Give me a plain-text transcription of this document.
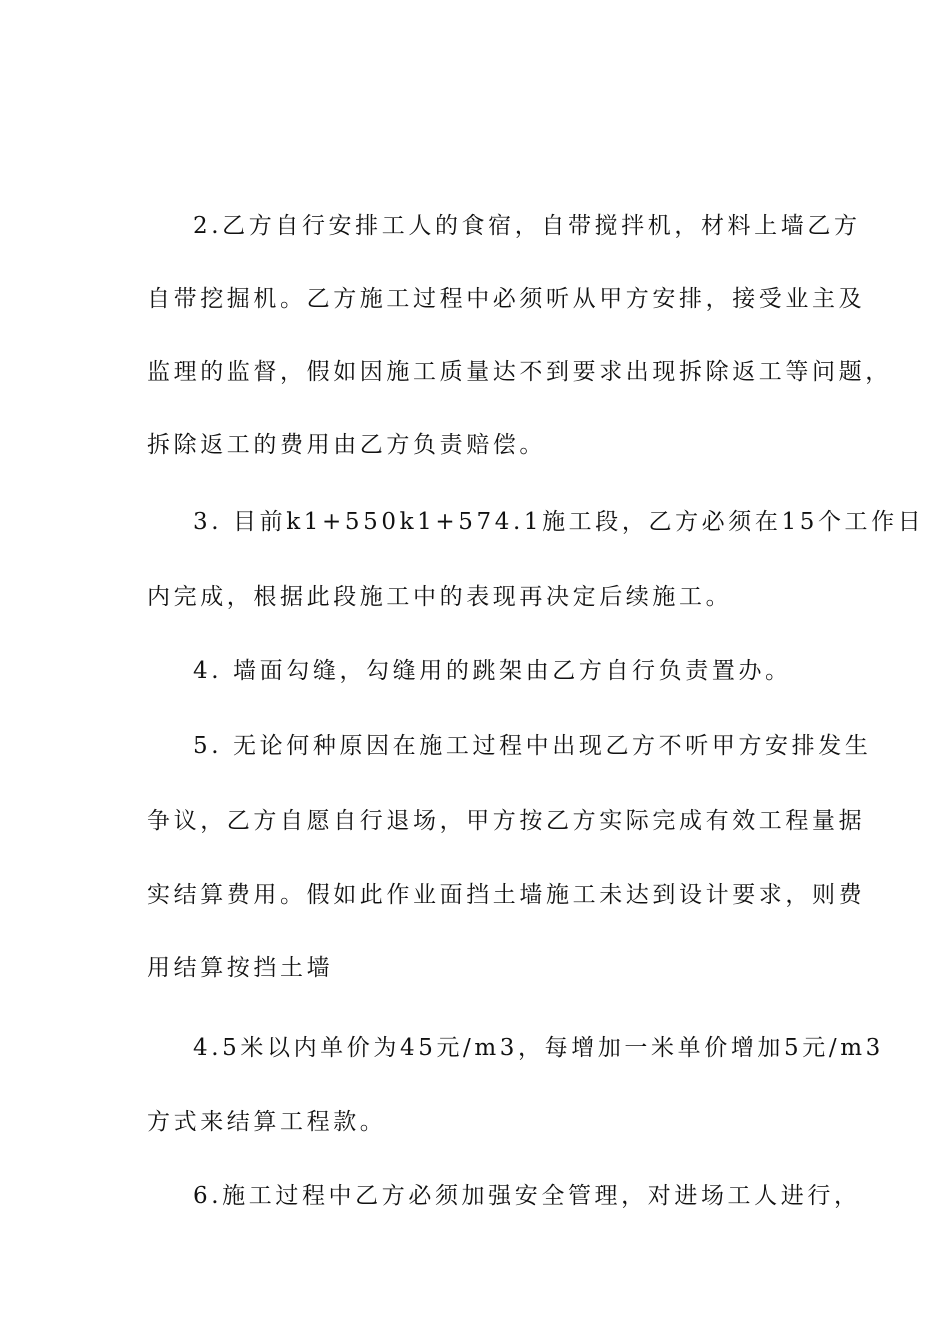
2.乙方自行安排工人的食宿，自带搅拌机，材料上墙乙方
自带挖掘机。乙方施工过程中必须听从甲方安排，接受业主及
监理的监督，假如因施工质量达不到要求出现拆除返工等问题，
拆除返工的费用由乙方负责赔偿。
3. 目前k1+550k1+574.1施工段，乙方必须在15个工作日
内完成，根据此段施工中的表现再决定后续施工。
4. 墙面勾缝，勾缝用的跳架由乙方自行负责置办。
5. 无论何种原因在施工过程中出现乙方不听甲方安排发生
争议，乙方自愿自行退场，甲方按乙方实际完成有效工程量据
实结算费用。假如此作业面挡土墙施工未达到设计要求，则费
用结算按挡土墙
4.5米以内单价为45元/m3，每增加一米单价增加5元/m3
方式来结算工程款。
6.施工过程中乙方必须加强安全管理，对进场工人进行，
